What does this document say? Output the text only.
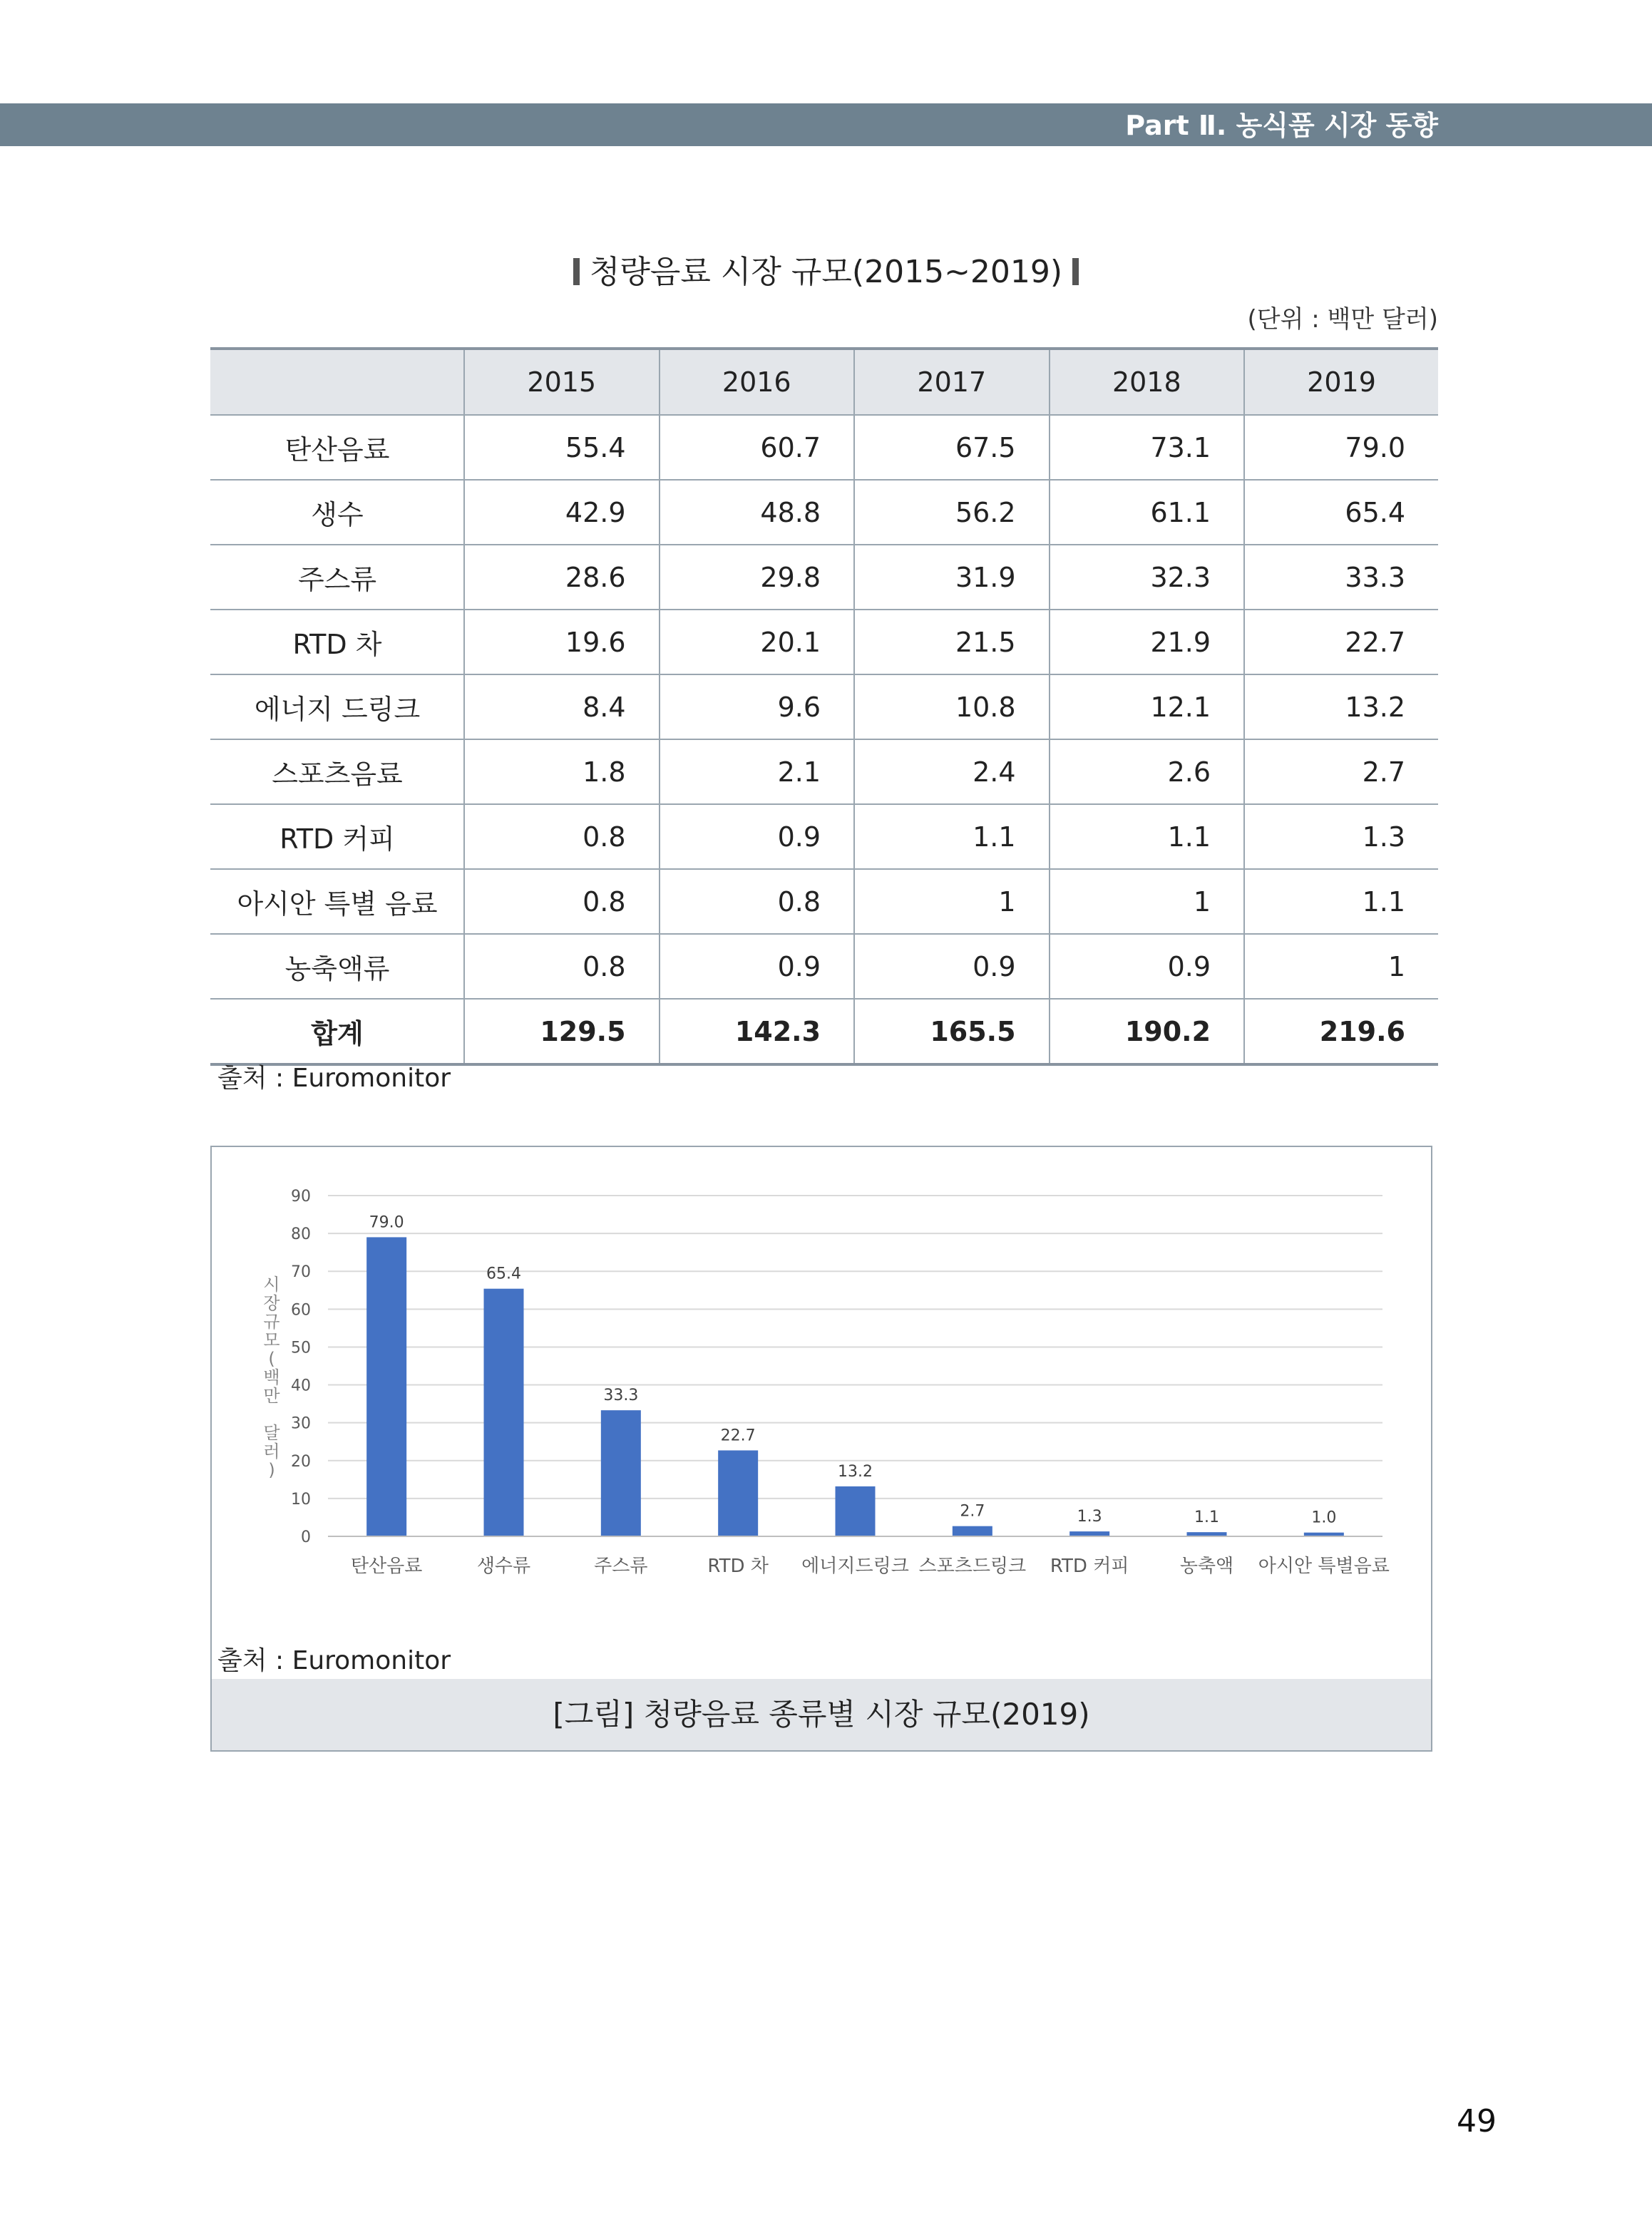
Part Ⅱ. 농식품 시장 동향
청량음료 시장 규모(2015~2019)
(단위 : 백만 달러)
	2015	2016	2017	2018	2019
탄산음료	55.4	60.7	67.5	73.1	79.0
생수	42.9	48.8	56.2	61.1	65.4
주스류	28.6	29.8	31.9	32.3	33.3
RTD 차	19.6	20.1	21.5	21.9	22.7
에너지 드링크	8.4	9.6	10.8	12.1	13.2
스포츠음료	1.8	2.1	2.4	2.6	2.7
RTD 커피	0.8	0.9	1.1	1.1	1.3
아시안 특별 음료	0.8	0.8	1	1	1.1
농축액류	0.8	0.9	0.9	0.9	1
합계	129.5	142.3	165.5	190.2	219.6
출처 : Euromonitor
0
10
20
30
40
50
60
70
80
90
시
장
규
모
(
백
만
달
러
)
79.0
탄산음료
65.4
생수류
33.3
주스류
22.7
RTD 차
13.2
에너지드링크
2.7
스포츠드링크
1.3
RTD 커피
1.1
농축액
1.0
아시안 특별음료
출처 : Euromonitor
[그림] 청량음료 종류별 시장 규모(2019)
49
